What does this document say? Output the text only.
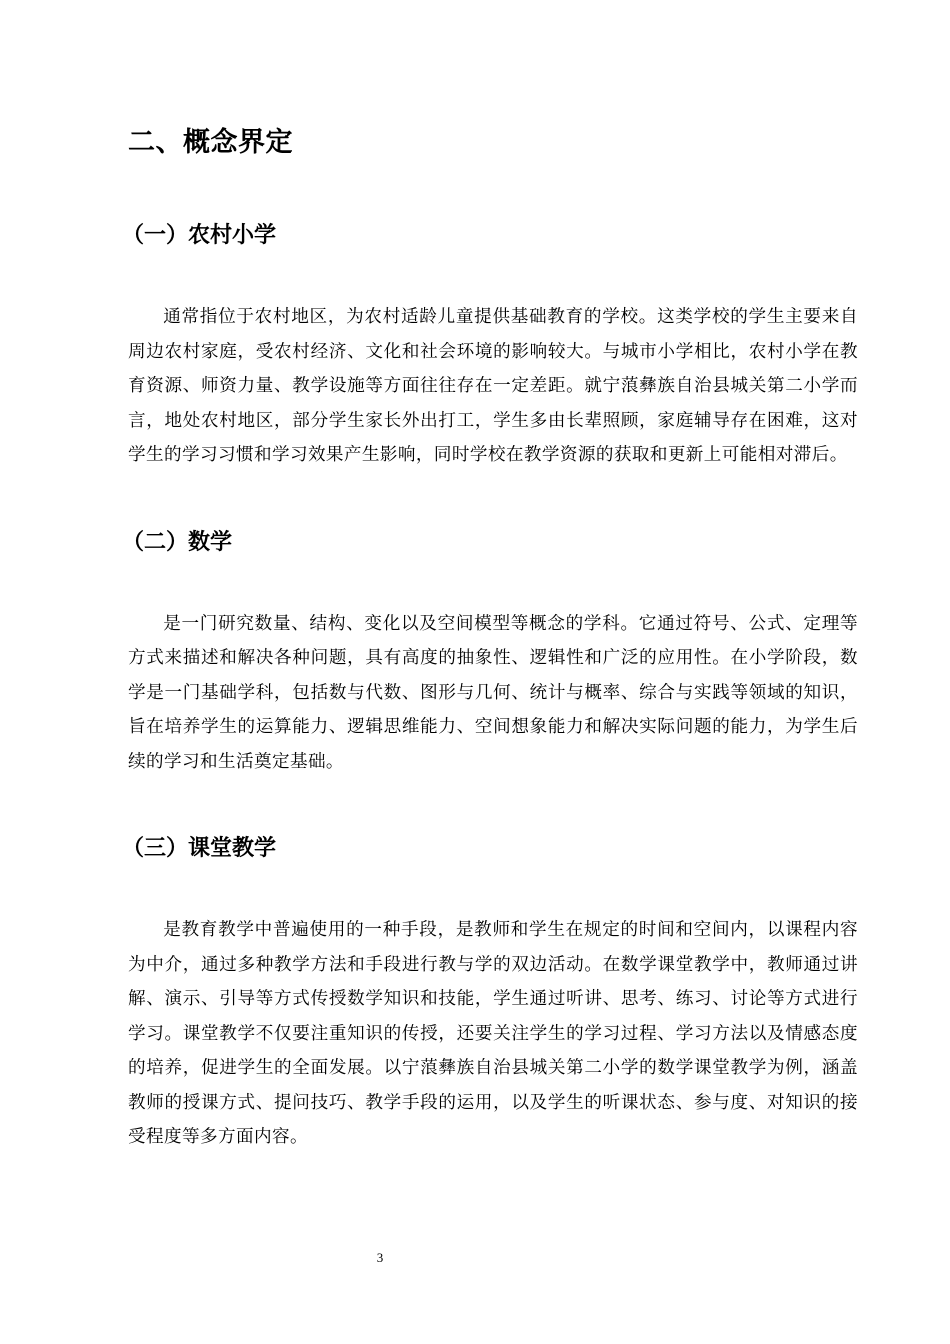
二、概念界定
（一）农村小学

通常指位于农村地区，为农村适龄儿童提供基础教育的学校。这类学校的学生主要来自周边农村家庭，受农村经济、文化和社会环境的影响较大。与城市小学相比，农村小学在教育资源、师资力量、教学设施等方面往往存在一定差距。就宁蒗彝族自治县城关第二小学而言，地处农村地区，部分学生家长外出打工，学生多由长辈照顾，家庭辅导存在困难，这对学生的学习习惯和学习效果产生影响，同时学校在教学资源的获取和更新上可能相对滞后。

（二）数学

是一门研究数量、结构、变化以及空间模型等概念的学科。它通过符号、公式、定理等方式来描述和解决各种问题，具有高度的抽象性、逻辑性和广泛的应用性。在小学阶段，数学是一门基础学科，包括数与代数、图形与几何、统计与概率、综合与实践等领域的知识，旨在培养学生的运算能力、逻辑思维能力、空间想象能力和解决实际问题的能力，为学生后续的学习和生活奠定基础。

（三）课堂教学

是教育教学中普遍使用的一种手段，是教师和学生在规定的时间和空间内，以课程内容为中介，通过多种教学方法和手段进行教与学的双边活动。在数学课堂教学中，教师通过讲解、演示、引导等方式传授数学知识和技能，学生通过听讲、思考、练习、讨论等方式进行学习。课堂教学不仅要注重知识的传授，还要关注学生的学习过程、学习方法以及情感态度的培养，促进学生的全面发展。以宁蒗彝族自治县城关第二小学的数学课堂教学为例，涵盖教师的授课方式、提问技巧、教学手段的运用，以及学生的听课状态、参与度、对知识的接受程度等多方面内容。

3
